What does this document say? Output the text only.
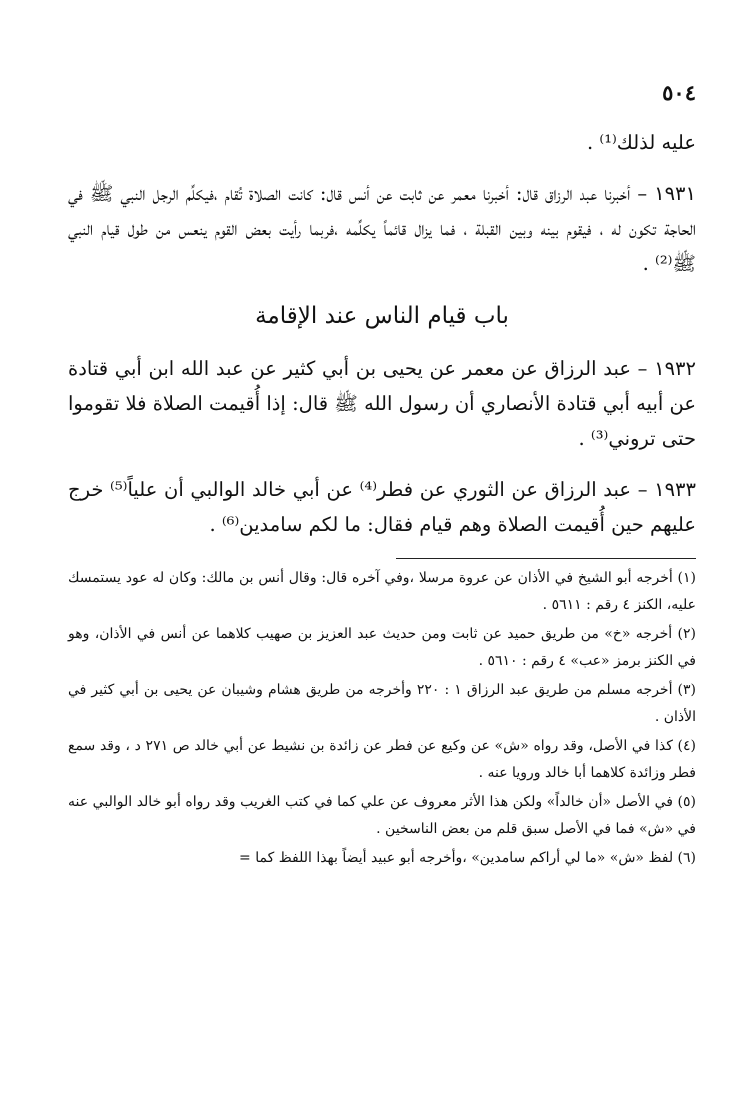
٥٠٤

عليه لذلك⁽¹⁾ .

١٩٣١ – أخبرنا عبد الرزاق قال: أخبرنا معمر عن ثابت عن أنس قال: كانت الصلاة تُقام ،فيكلِّم الرجل النبي ﷺ في الحاجة تكون له ، فيقوم بينه وبين القبلة ، فما يزال قائماً يكلِّمه ،فربما رأيت بعض القوم ينعس من طول قيام النبي ﷺ⁽²⁾ .

باب قيام الناس عند الإقامة

١٩٣٢ – عبد الرزاق عن معمر عن يحيى بن أبي كثير عن عبد الله ابن أبي قتادة عن أبيه أبي قتادة الأنصاري أن رسول الله ﷺ قال: إذا أُقيمت الصلاة فلا تقوموا حتى تروني⁽³⁾ .

١٩٣٣ – عبد الرزاق عن الثوري عن فطر⁽⁴⁾ عن أبي خالد الوالبي أن علياً⁽⁵⁾ خرج عليهم حين أُقيمت الصلاة وهم قيام فقال: ما لكم سامدين⁽⁶⁾ .

(١) أخرجه أبو الشيخ في الأذان عن عروة مرسلا ،وفي آخره قال: وقال أنس بن مالك: وكان له عود يستمسك عليه، الكنز ٤ رقم : ٥٦١١ .

(٢) أخرجه «خ» من طريق حميد عن ثابت ومن حديث عبد العزيز بن صهيب كلاهما عن أنس في الأذان، وهو في الكنز برمز «عب» ٤ رقم : ٥٦١٠ .

(٣) أخرجه مسلم من طريق عبد الرزاق ١ : ٢٢٠ وأخرجه من طريق هشام وشيبان عن يحيى بن أبي كثير في الأذان .

(٤) كذا في الأصل، وقد رواه «ش» عن وكيع عن فطر عن زائدة بن نشيط عن أبي خالد ص ٢٧١ د ، وقد سمع فطر وزائدة كلاهما أبا خالد ورويا عنه .

(٥) في الأصل «أن خالداً» ولكن هذا الأثر معروف عن علي كما في كتب الغريب وقد رواه أبو خالد الوالبي عنه في «ش» فما في الأصل سبق قلم من بعض الناسخين .

(٦) لفظ «ش» «ما لي أراكم سامدين» ،وأخرجه أبو عبيد أيضاً بهذا اللفظ كما =
